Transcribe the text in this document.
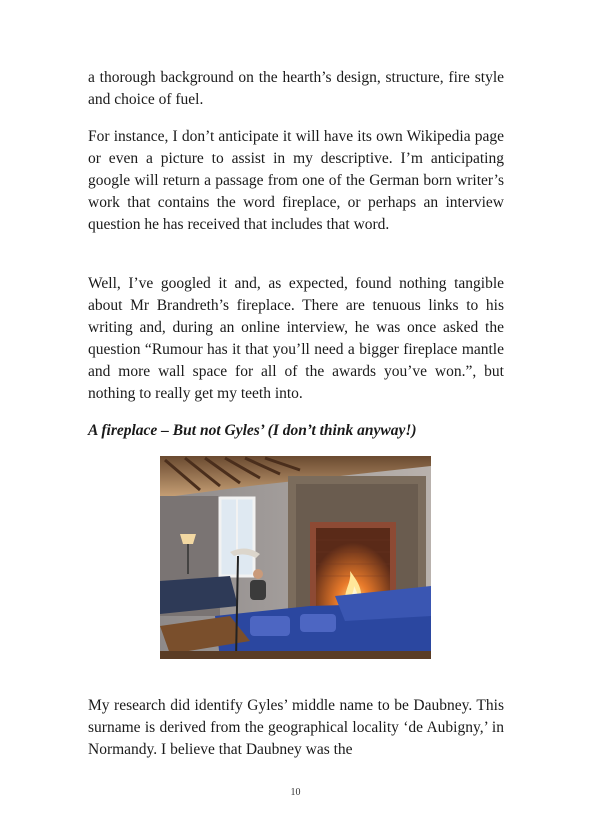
a thorough background on the hearth’s design, structure, fire style and choice of fuel.

For instance, I don’t anticipate it will have its own Wikipedia page or even a picture to assist in my descriptive. I’m anticipating google will return a passage from one of the German born writer’s work that contains the word fireplace, or perhaps an interview question he has received that includes that word.

Well, I’ve googled it and, as expected, found nothing tangible about Mr Brandreth’s fireplace. There are tenuous links to his writing and, during an online interview, he was once asked the question “Rumour has it that you’ll need a bigger fireplace mantle and more wall space for all of the awards you’ve won.”, but nothing to really get my teeth into.

A fireplace – But not Gyles’ (I don’t think anyway!)

My research did identify Gyles’ middle name to be Daubney. This surname is derived from the geographical locality ‘de Aubigny,’ in Normandy. I believe that Daubney was the

10
